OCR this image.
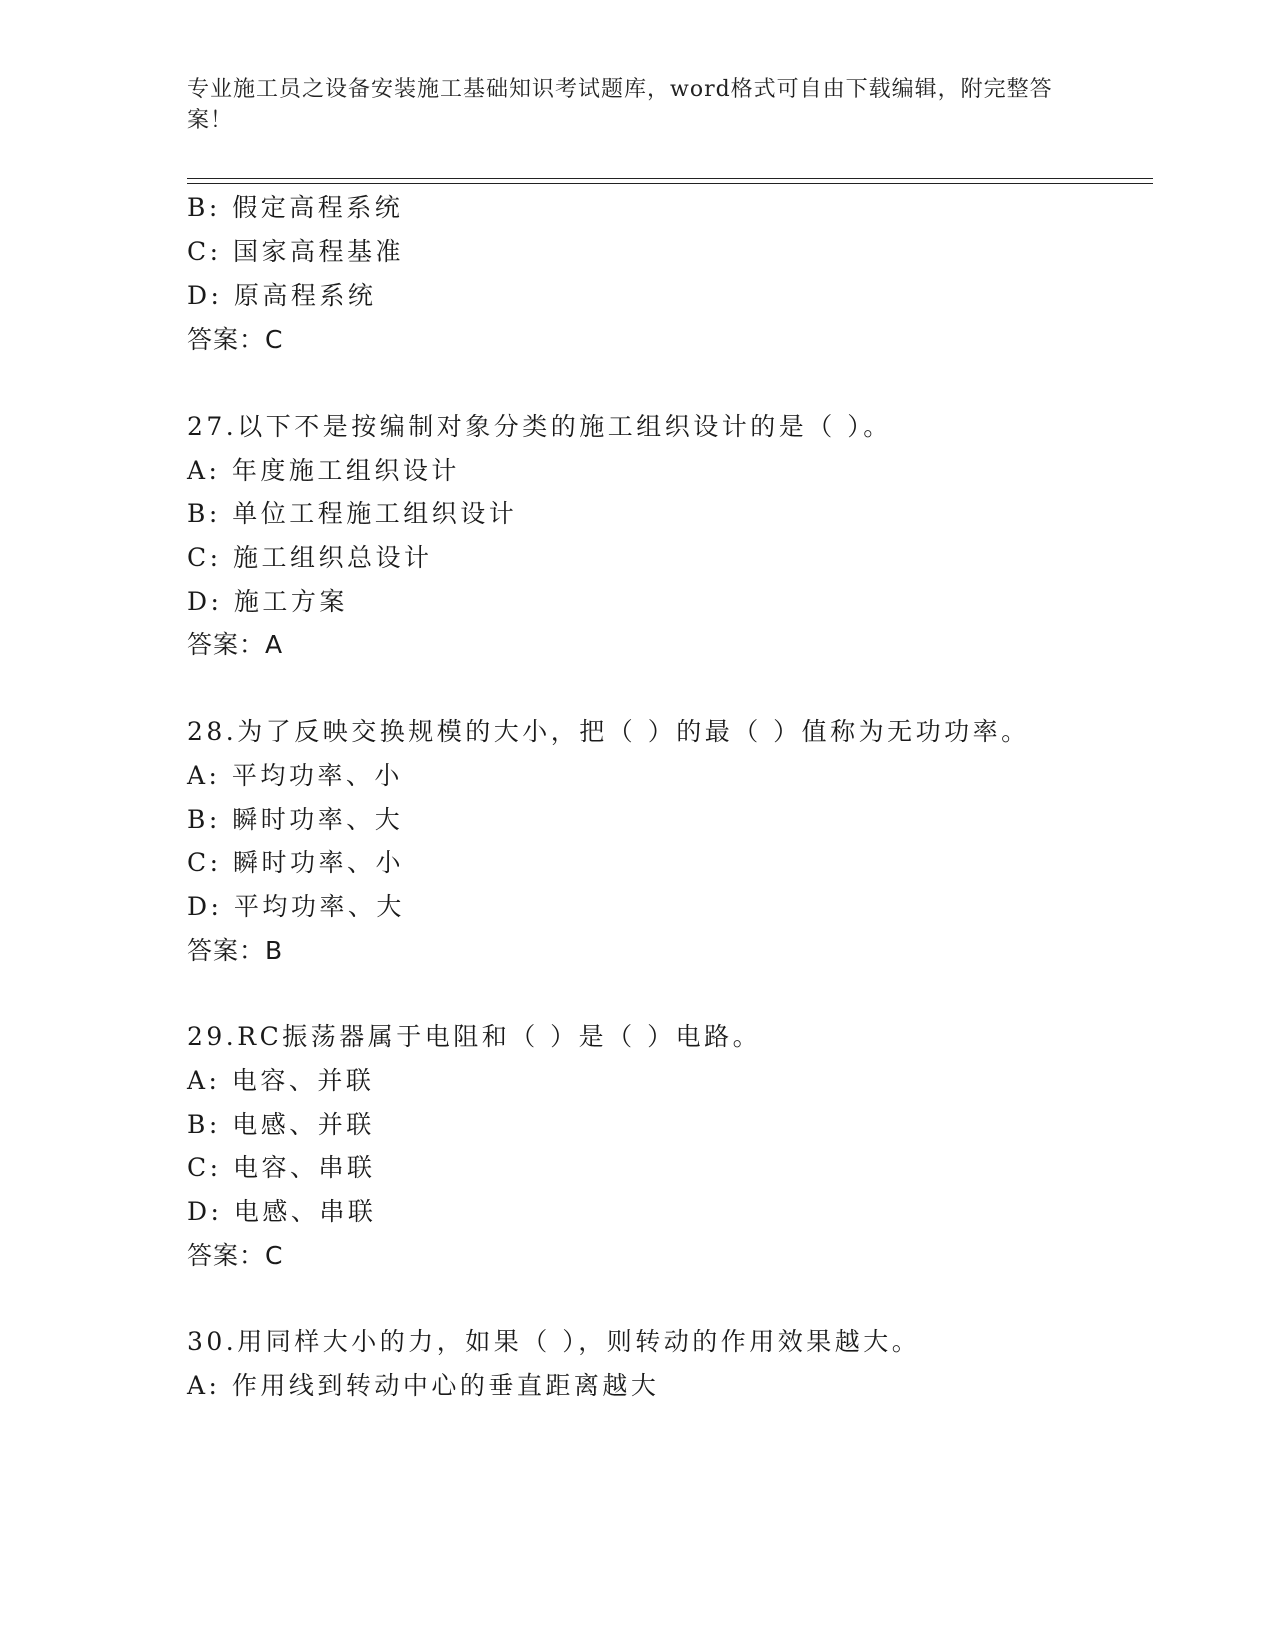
专业施工员之设备安装施工基础知识考试题库，word格式可自由下载编辑，附完整答案！
B: 假定高程系统
C: 国家高程基准
D: 原高程系统
答案：C
27.以下不是按编制对象分类的施工组织设计的是（ ）。
A: 年度施工组织设计
B: 单位工程施工组织设计
C: 施工组织总设计
D: 施工方案
答案：A
28.为了反映交换规模的大小，把（ ）的最（ ）值称为无功功率。
A: 平均功率、小
B: 瞬时功率、大
C: 瞬时功率、小
D: 平均功率、大
答案：B
29.RC振荡器属于电阻和（ ）是（ ）电路。
A: 电容、并联
B: 电感、并联
C: 电容、串联
D: 电感、串联
答案：C
30.用同样大小的力，如果（ ），则转动的作用效果越大。
A: 作用线到转动中心的垂直距离越大
